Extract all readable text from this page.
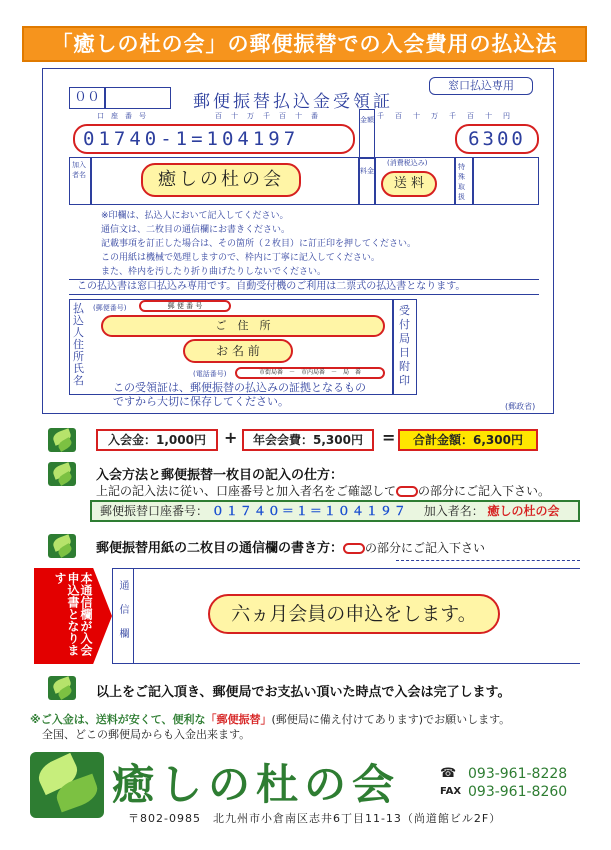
「癒しの杜の会」の郵便振替での入会費用の払込法
００	郵便振替払込金受領証
窓口払込専用
口　座　番　号	百 十 万 千 百 十 番
01740-1=104197
金額 千 百 十 万 千 百 十 円
6300
加入者名	癒しの杜の会	料金
(消費税込み)
送 料
特殊取扱
※印欄は、払込人において記入してください。
通信文は、二枚目の通信欄にお書きください。
記載事項を訂正した場合は、その箇所（２枚目）に訂正印を押してください。
この用紙は機械で処理しますので、枠内に丁寧に記入してください。
また、枠内を汚したり折り曲げたりしないでください。
この払込書は窓口払込み専用です。自動受付機のご利用は二票式の払込書となります。
払込人住所氏名
(郵便番号)	郵 便 番 号
ご　住　所
お 名 前
(電話番号)	市街局番　－　市内局番　－　局　番
受付局日附印
この受領証は、郵便振替の払込みの証拠となるものですから大切に保存してください。	(郵政省)
入会金：1,000円	+	年会会費：5,300円	=	合計金額：6,300円
入会方法と郵便振替一枚目の記入の仕方：
上記の記入法に従い、口座番号と加入者名をご確認して の部分にご記入下さい。
郵便振替口座番号： ０１７４０＝１＝１０４１９７ 加入者名： 癒しの杜の会
郵便振替用紙の二枚目の通信欄の書き方： の部分にご記入下さい
本通信欄が入会申込書となります
通信欄	六ヵ月会員の申込をします。
以上をご記入頂き、郵便局でお支払い頂いた時点で入会は完了します。
※ご入金は、送料が安くて、便利な「郵便振替」(郵便局に備え付けてあります)でお願いします。
全国、どこの郵便局からも入金出来ます。
癒しの杜の会	☎ 093-961-8228
FAX 093-961-8260
〒802-0985　北九州市小倉南区志井6丁目11-13（尚道館ビル2F）
